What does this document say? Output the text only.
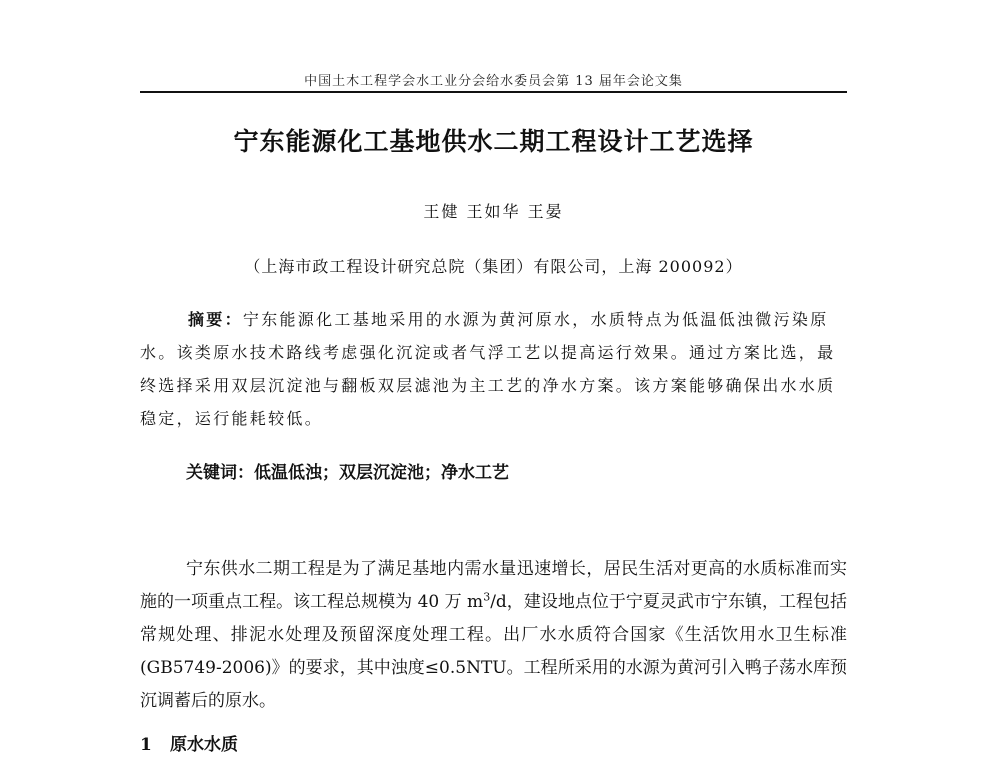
中国土木工程学会水工业分会给水委员会第 13 届年会论文集
宁东能源化工基地供水二期工程设计工艺选择
王健 王如华 王晏
（上海市政工程设计研究总院（集团）有限公司，上海 200092）
摘要：宁东能源化工基地采用的水源为黄河原水，水质特点为低温低浊微污染原水。该类原水技术路线考虑强化沉淀或者气浮工艺以提高运行效果。通过方案比选，最终选择采用双层沉淀池与翻板双层滤池为主工艺的净水方案。该方案能够确保出水水质稳定，运行能耗较低。
关键词：低温低浊；双层沉淀池；净水工艺
宁东供水二期工程是为了满足基地内需水量迅速增长，居民生活对更高的水质标准而实施的一项重点工程。该工程总规模为 40 万 $m^3/d$，建设地点位于宁夏灵武市宁东镇，工程包括常规处理、排泥水处理及预留深度处理工程。出厂水水质符合国家《生活饮用水卫生标准(GB5749-2006)》的要求，其中浊度≤0.5NTU。工程所采用的水源为黄河引入鸭子荡水库预沉调蓄后的原水。
1 原水水质
